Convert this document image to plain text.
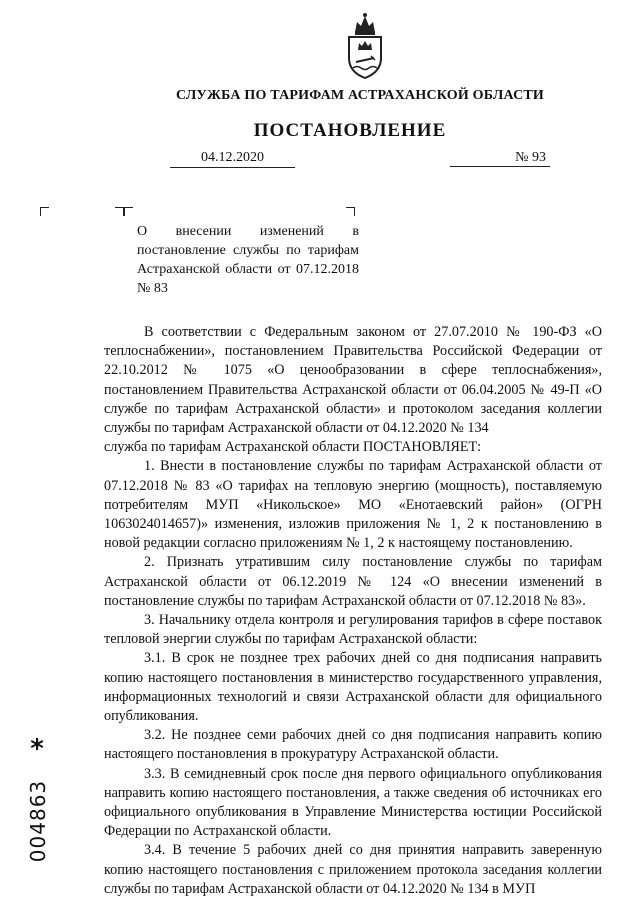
СЛУЖБА ПО ТАРИФАМ АСТРАХАНСКОЙ ОБЛАСТИ
ПОСТАНОВЛЕНИЕ
04.12.2020	№ 93

О внесении изменений в постановление службы по тарифам Астраханской области от 07.12.2018 № 83

В соответствии с Федеральным законом от 27.07.2010 № 190-ФЗ «О теплоснабжении», постановлением Правительства Российской Федерации от 22.10.2012 № 1075 «О ценообразовании в сфере теплоснабжения», постановлением Правительства Астраханской области от 06.04.2005 № 49-П «О службе по тарифам Астраханской области» и протоколом заседания коллегии службы по тарифам Астраханской области от 04.12.2020 № 134

служба по тарифам Астраханской области ПОСТАНОВЛЯЕТ:

1. Внести в постановление службы по тарифам Астраханской области от 07.12.2018 № 83 «О тарифах на тепловую энергию (мощность), поставляемую потребителям МУП «Никольское» МО «Енотаевский район» (ОГРН 1063024014657)» изменения, изложив приложения № 1, 2 к постановлению в новой редакции согласно приложениям № 1, 2 к настоящему постановлению.

2. Признать утратившим силу постановление службы по тарифам Астраханской области от 06.12.2019 № 124 «О внесении изменений в постановление службы по тарифам Астраханской области от 07.12.2018 № 83».

3. Начальнику отдела контроля и регулирования тарифов в сфере поставок тепловой энергии службы по тарифам Астраханской области:

3.1. В срок не позднее трех рабочих дней со дня подписания направить копию настоящего постановления в министерство государственного управления, информационных технологий и связи Астраханской области для официального опубликования.

3.2. Не позднее семи рабочих дней со дня подписания направить копию настоящего постановления в прокуратуру Астраханской области.

3.3. В семидневный срок после дня первого официального опубликования направить копию настоящего постановления, а также сведения об источниках его официального опубликования в Управление Министерства юстиции Российской Федерации по Астраханской области.

3.4. В течение 5 рабочих дней со дня принятия направить заверенную копию настоящего постановления с приложением протокола заседания коллегии службы по тарифам Астраханской области от 04.12.2020 № 134 в МУП

*
004863
